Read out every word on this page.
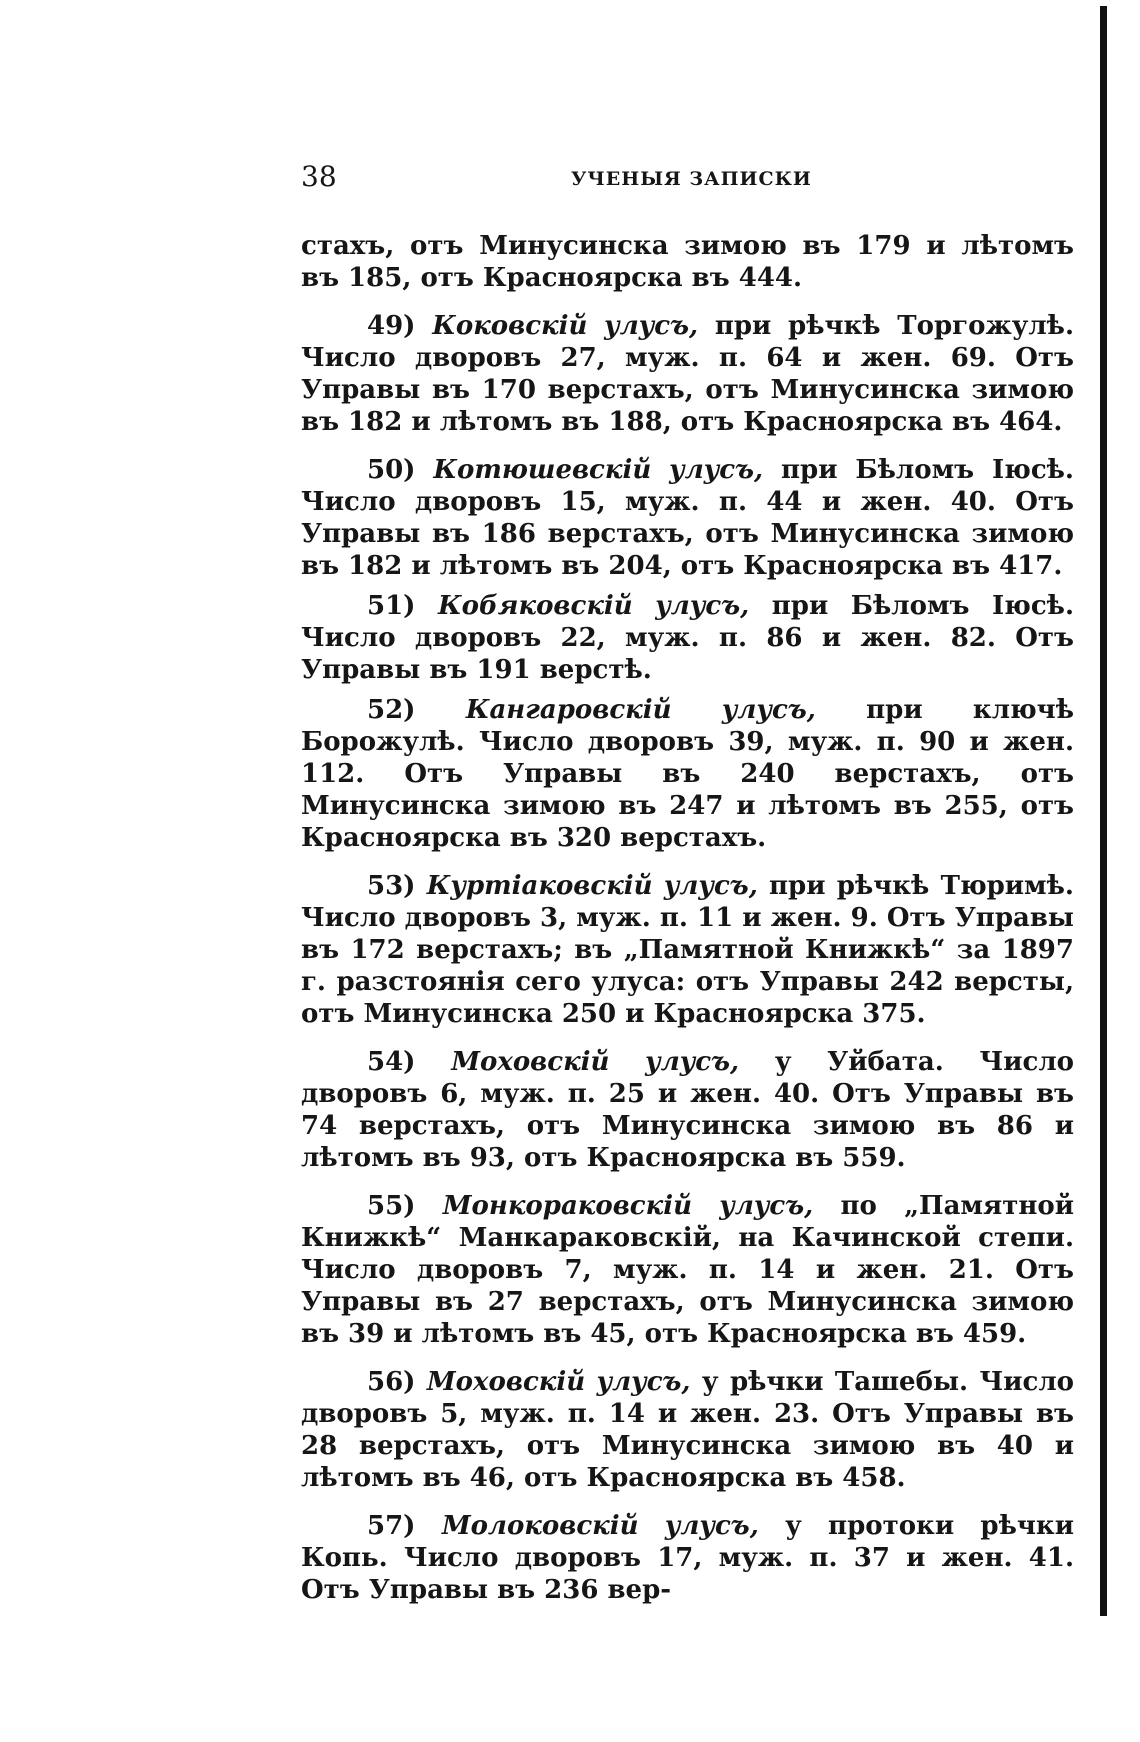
38	УЧЕНЫЯ ЗАПИСКИ

стахъ, отъ Минусинска зимою въ 179 и лѣтомъ въ 185, отъ Красноярска въ 444.

49) Коковскій улусъ, при рѣчкѣ Торгожулѣ. Число дворовъ 27, муж. п. 64 и жен. 69. Отъ Управы въ 170 верстахъ, отъ Минусинска зимою въ 182 и лѣтомъ въ 188, отъ Красноярска въ 464.

50) Котюшевскій улусъ, при Бѣломъ Іюсѣ. Число дворовъ 15, муж. п. 44 и жен. 40. Отъ Управы въ 186 верстахъ, отъ Минусинска зимою въ 182 и лѣтомъ въ 204, отъ Красноярска въ 417.

51) Кобяковскій улусъ, при Бѣломъ Іюсѣ. Число дворовъ 22, муж. п. 86 и жен. 82. Отъ Управы въ 191 верстѣ.

52) Кангаровскій улусъ, при ключѣ Борожулѣ. Число дворовъ 39, муж. п. 90 и жен. 112. Отъ Управы въ 240 верстахъ, отъ Минусинска зимою въ 247 и лѣтомъ въ 255, отъ Красноярска въ 320 верстахъ.

53) Куртіаковскій улусъ, при рѣчкѣ Тюримѣ. Число дворовъ 3, муж. п. 11 и жен. 9. Отъ Управы въ 172 верстахъ; въ „Памятной Книжкѣ“ за 1897 г. разстоянія сего улуса: отъ Управы 242 версты, отъ Минусинска 250 и Красноярска 375.

54) Моховскій улусъ, у Уйбата. Число дворовъ 6, муж. п. 25 и жен. 40. Отъ Управы въ 74 верстахъ, отъ Минусинска зимою въ 86 и лѣтомъ въ 93, отъ Красноярска въ 559.

55) Монкораковскій улусъ, по „Памятной Книжкѣ“ Манкараковскій, на Качинской степи. Число дворовъ 7, муж. п. 14 и жен. 21. Отъ Управы въ 27 верстахъ, отъ Минусинска зимою въ 39 и лѣтомъ въ 45, отъ Красноярска въ 459.

56) Моховскій улусъ, у рѣчки Ташебы. Число дворовъ 5, муж. п. 14 и жен. 23. Отъ Управы въ 28 верстахъ, отъ Минусинска зимою въ 40 и лѣтомъ въ 46, отъ Красноярска въ 458.

57) Молоковскій улусъ, у протоки рѣчки Копь. Число дворовъ 17, муж. п. 37 и жен. 41. Отъ Управы въ 236 вер-
